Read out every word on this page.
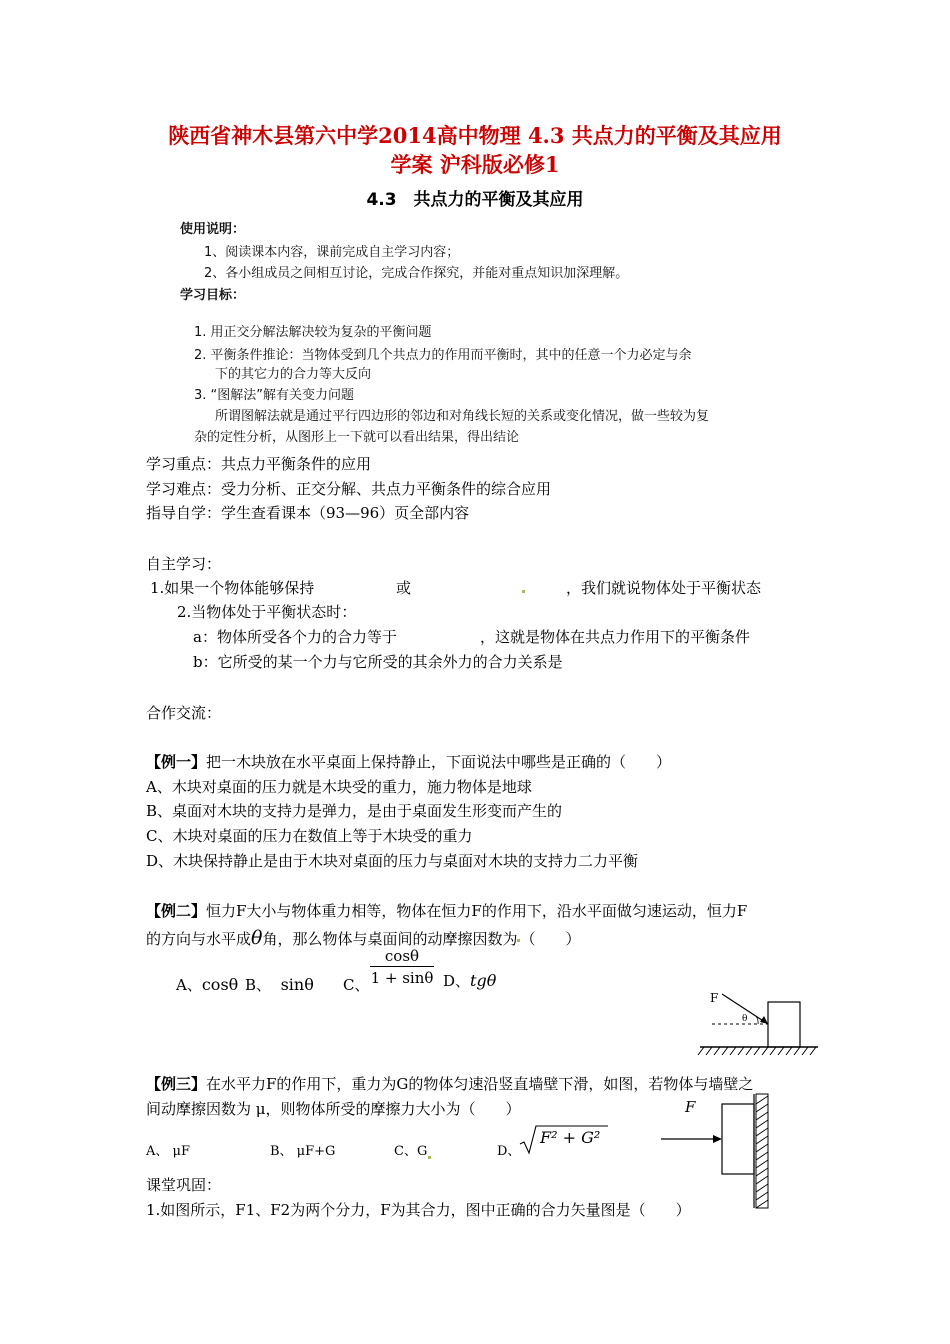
陕西省神木县第六中学2014高中物理 4.3 共点力的平衡及其应用
学案 沪科版必修1
4.3　共点力的平衡及其应用
使用说明：
1、阅读课本内容，课前完成自主学习内容；
2、各小组成员之间相互讨论，完成合作探究，并能对重点知识加深理解。
学习目标：
1. 用正交分解法解决较为复杂的平衡问题
2. 平衡条件推论：当物体受到几个共点力的作用而平衡时，其中的任意一个力必定与余
下的其它力的合力等大反向
3. “图解法”解有关变力问题
所谓图解法就是通过平行四边形的邻边和对角线长短的关系或变化情况，做一些较为复
杂的定性分析，从图形上一下就可以看出结果，得出结论
学习重点：共点力平衡条件的应用
学习难点：受力分析、正交分解、共点力平衡条件的综合应用
指导自学：学生查看课本（93—96）页全部内容
自主学习：
1.如果一个物体能够保持	或	，我们就说物体处于平衡状态
2.当物体处于平衡状态时：
a：物体所受各个力的合力等于	，这就是物体在共点力作用下的平衡条件
b：它所受的某一个力与它所受的其余外力的合力关系是
合作交流：
【例一】把一木块放在水平桌面上保持静止，下面说法中哪些是正确的（　　）
A、木块对桌面的压力就是木块受的重力，施力物体是地球
B、桌面对木块的支持力是弹力，是由于桌面发生形变而产生的
C、木块对桌面的压力在数值上等于木块受的重力
D、木块保持静止是由于木块对桌面的压力与桌面对木块的支持力二力平衡
【例二】恒力F大小与物体重力相等，物体在恒力F的作用下，沿水平面做匀速运动，恒力F
的方向与水平成θ角，那么物体与桌面间的动摩擦因数为 （　　）
A、cosθ B、 sinθ C、 $\frac{\cos\theta}{1 + \sin\theta}$ D、tgθ
F
θ
【例三】在水平力F的作用下，重力为G的物体匀速沿竖直墙壁下滑，如图，若物体与墙壁之
间动摩擦因数为 μ，则物体所受的摩擦力大小为（　　）
A、 μF	B、 μF+G	C、G	D、
F² + G²
F
课堂巩固：
1.如图所示，F1、F2为两个分力，F为其合力，图中正确的合力矢量图是（　　）
